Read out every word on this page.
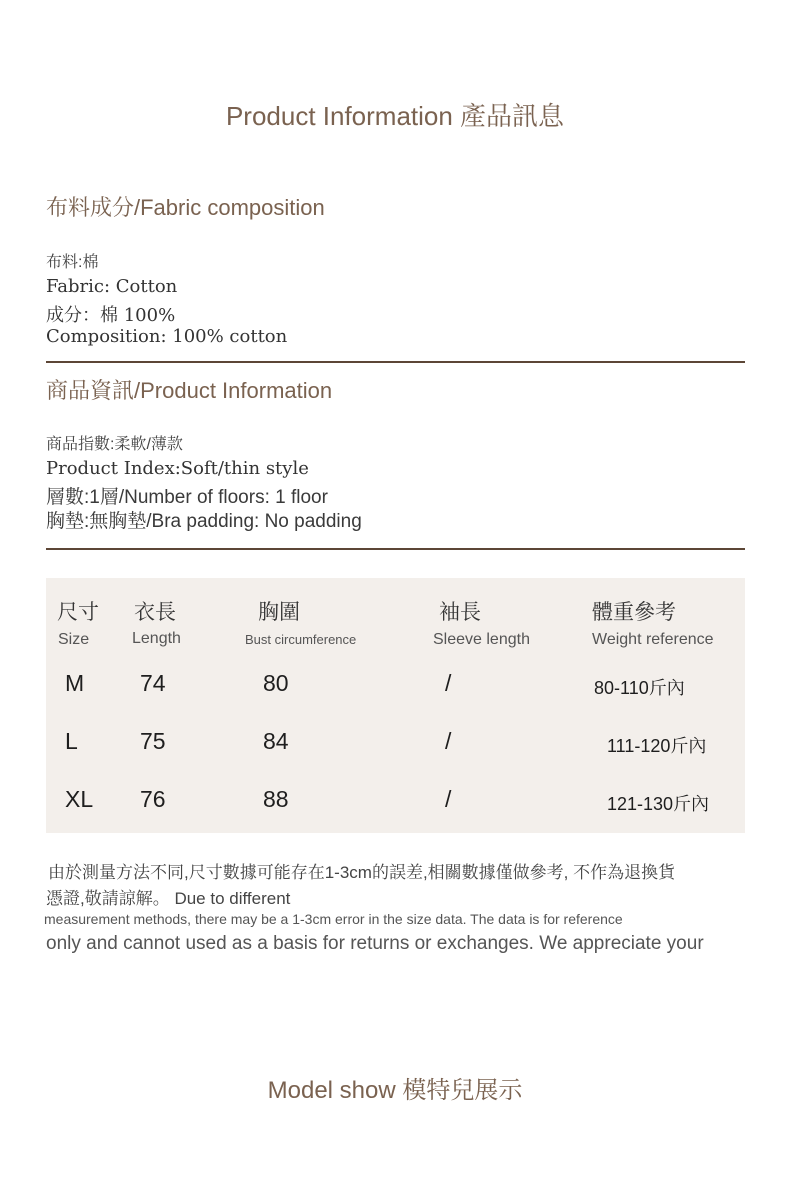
Product Information 產品訊息
布料成分/Fabric composition
布料:棉
Fabric: Cotton
成分：棉 100%
Composition: 100% cotton
商品資訊/Product Information
商品指數:柔軟/薄款
Product Index:Soft/thin style
層數:1層/Number of floors: 1 floor
胸墊:無胸墊/Bra padding: No padding
尺寸 衣長	胸圍	袖長	體重參考
Size	Length	Bust circumference	Sleeve length	Weight reference
M 74	80	/	80-110斤內
L	75	84	/	111-120斤內
XL 76	88	/	121-130斤內
由於測量方法不同,尺寸數據可能存在1-3cm的誤差,相關數據僅做參考, 不作為退換貨
憑證,敬請諒解。 Due to different
measurement methods, there may be a 1-3cm error in the size data. The data is for reference
only and cannot used as a basis for returns or exchanges. We appreciate your
Model show 模特兒展示
